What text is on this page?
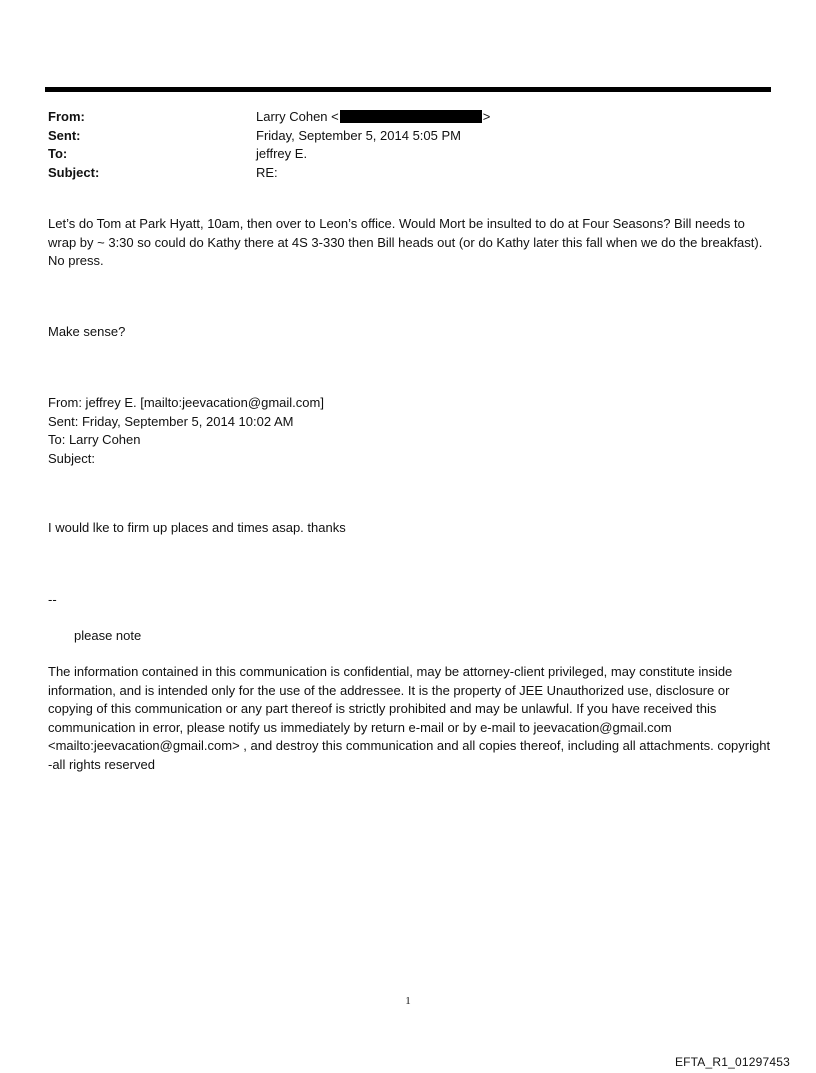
From:	Larry Cohen <	>
Sent:	Friday, September 5, 2014 5:05 PM
To:	jeffrey E.
Subject:	RE:

Let’s do Tom at Park Hyatt, 10am, then over to Leon’s office. Would Mort be insulted to do at Four Seasons? Bill needs to wrap by ~ 3:30 so could do Kathy there at 4S 3-330 then Bill heads out (or do Kathy later this fall when we do the breakfast). No press.

Make sense?

From: jeffrey E. [mailto:jeevacation@gmail.com]
Sent: Friday, September 5, 2014 10:02 AM
To: Larry Cohen
Subject:

I would lke to firm up places and times asap. thanks

--

please note

The information contained in this communication is confidential, may be attorney-client privileged, may constitute inside information, and is intended only for the use of the addressee. It is the property of JEE Unauthorized use, disclosure or copying of this communication or any part thereof is strictly prohibited and may be unlawful. If you have received this communication in error, please notify us immediately by return e-mail or by e-mail to jeevacation@gmail.com <mailto:jeevacation@gmail.com> , and destroy this communication and all copies thereof, including all attachments. copyright -all rights reserved

1
EFTA_R1_01297453
